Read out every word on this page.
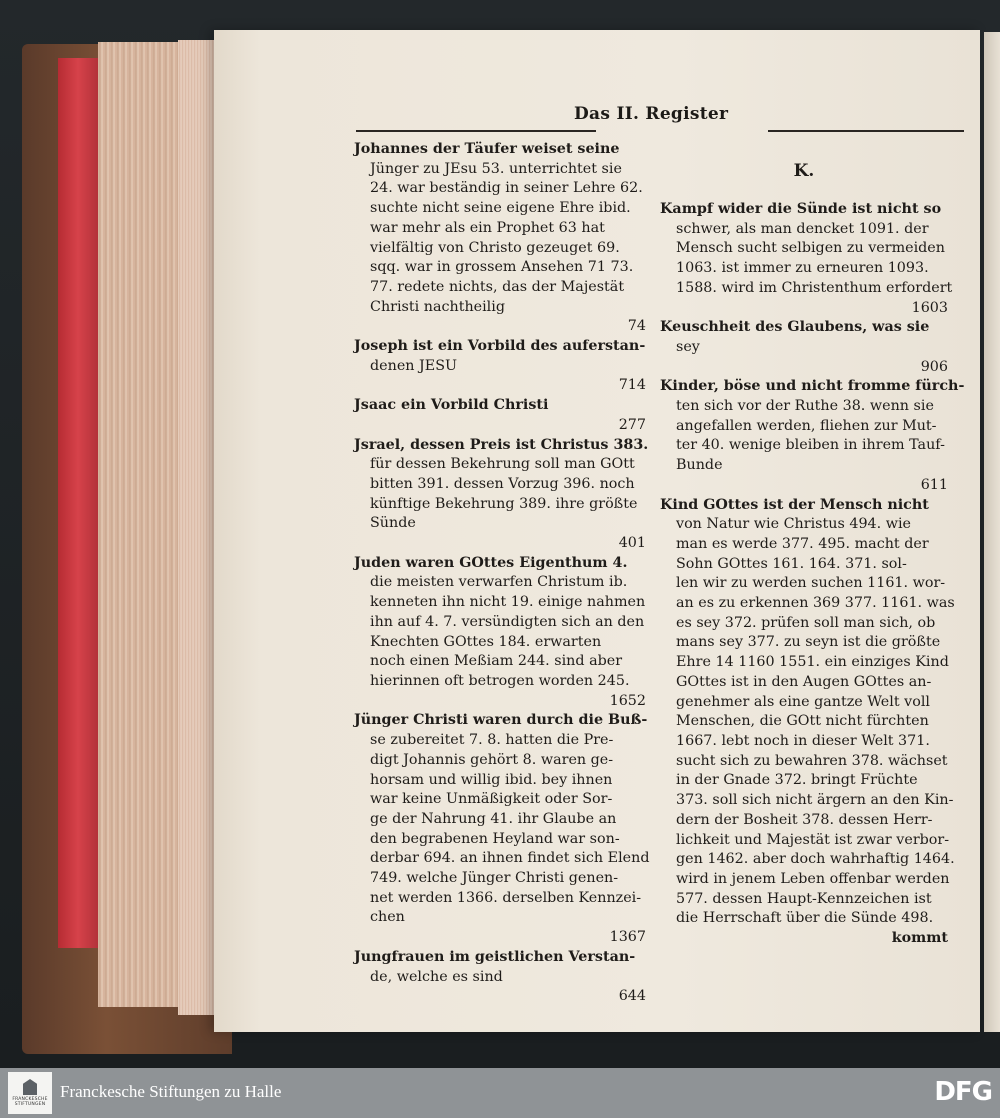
Das II. Register
Johannes der Täufer weiset seine
Jünger zu JEsu 53. unterrichtet sie
24. war beständig in seiner Lehre 62.
suchte nicht seine eigene Ehre ibid.
war mehr als ein Prophet 63 hat
vielfältig von Christo gezeuget 69.
sqq. war in grossem Ansehen 71 73.
77. redete nichts, das der Majestät
Christi nachtheilig
74
Joseph ist ein Vorbild des auferstan-
denen JESU
714
Jsaac ein Vorbild Christi
277
Jsrael, dessen Preis ist Christus 383.
für dessen Bekehrung soll man GOtt
bitten 391. dessen Vorzug 396. noch
künftige Bekehrung 389. ihre größte
Sünde
401
Juden waren GOttes Eigenthum 4.
die meisten verwarfen Christum ib.
kenneten ihn nicht 19. einige nahmen
ihn auf 4. 7. versündigten sich an den
Knechten GOttes 184. erwarten
noch einen Meßiam 244. sind aber
hierinnen oft betrogen worden 245.
1652
Jünger Christi waren durch die Buß-
se zubereitet 7. 8. hatten die Pre-
digt Johannis gehört 8. waren ge-
horsam und willig ibid. bey ihnen
war keine Unmäßigkeit oder Sor-
ge der Nahrung 41. ihr Glaube an
den begrabenen Heyland war son-
derbar 694. an ihnen findet sich Elend
749. welche Jünger Christi genen-
net werden 1366. derselben Kennzei-
chen
1367
Jungfrauen im geistlichen Verstan-
de, welche es sind
644
K.
Kampf wider die Sünde ist nicht so
schwer, als man dencket 1091. der
Mensch sucht selbigen zu vermeiden
1063. ist immer zu erneuren 1093.
1588. wird im Christenthum erfordert
1603
Keuschheit des Glaubens, was sie
sey
906
Kinder, böse und nicht fromme fürch-
ten sich vor der Ruthe 38. wenn sie
angefallen werden, fliehen zur Mut-
ter 40. wenige bleiben in ihrem Tauf-
Bunde
611
Kind GOttes ist der Mensch nicht
von Natur wie Christus 494. wie
man es werde 377. 495. macht der
Sohn GOttes 161. 164. 371. sol-
len wir zu werden suchen 1161. wor-
an es zu erkennen 369 377. 1161. was
es sey 372. prüfen soll man sich, ob
mans sey 377. zu seyn ist die größte
Ehre 14 1160 1551. ein einziges Kind
GOttes ist in den Augen GOttes an-
genehmer als eine gantze Welt voll
Menschen, die GOtt nicht fürchten
1667. lebt noch in dieser Welt 371.
sucht sich zu bewahren 378. wächset
in der Gnade 372. bringt Früchte
373. soll sich nicht ärgern an den Kin-
dern der Bosheit 378. dessen Herr-
lichkeit und Majestät ist zwar verbor-
gen 1462. aber doch wahrhaftig 1464.
wird in jenem Leben offenbar werden
577. dessen Haupt-Kennzeichen ist
die Herrschaft über die Sünde 498.
kommt
FRANCKESCHE STIFTUNGEN
Franckesche Stiftungen zu Halle	DFG
